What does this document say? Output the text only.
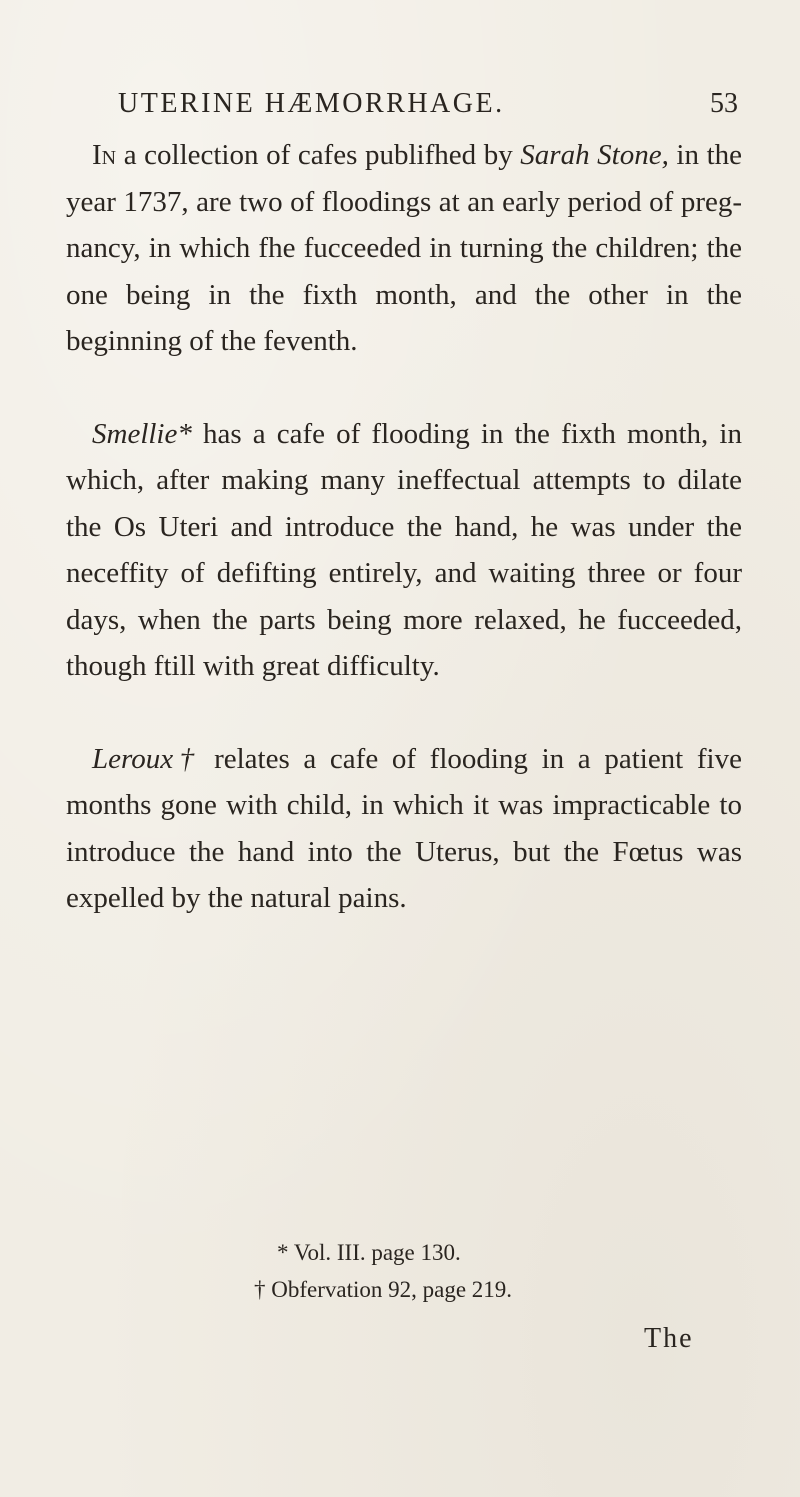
UTERINE HÆMORRHAGE.	53

In a collection of cafes publifhed by Sarah Stone, in the year 1737, are two of floodings at an early period of preg-nancy, in which fhe fucceeded in turning the children; the one being in the fixth month, and the other in the beginning of the feventh.

Smellie* has a cafe of flooding in the fixth month, in which, after making many ineffectual attempts to dilate the Os Uteri and introduce the hand, he was under the neceffity of defifting entirely, and waiting three or four days, when the parts being more relaxed, he fucceeded, though ftill with great difficulty.

Leroux† relates a cafe of flooding in a patient five months gone with child, in which it was impracticable to introduce the hand into the Uterus, but the Fœtus was expelled by the natural pains.

* Vol. III. page 130.
† Obfervation 92, page 219.
The
